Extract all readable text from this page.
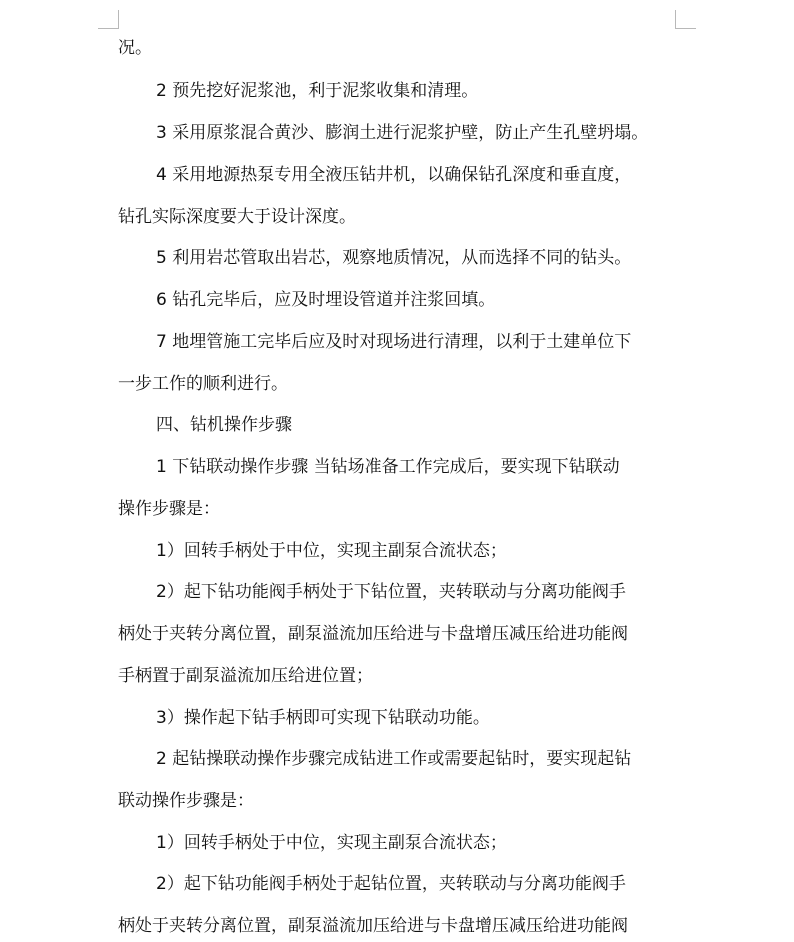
况。
2 预先挖好泥浆池，利于泥浆收集和清理。
3 采用原浆混合黄沙、膨润土进行泥浆护壁，防止产生孔壁坍塌。
4 采用地源热泵专用全液压钻井机，以确保钻孔深度和垂直度，
钻孔实际深度要大于设计深度。
5 利用岩芯管取出岩芯，观察地质情况，从而选择不同的钻头。
6 钻孔完毕后，应及时埋设管道并注浆回填。
7 地埋管施工完毕后应及时对现场进行清理，以利于土建单位下
一步工作的顺利进行。
四、钻机操作步骤
1 下钻联动操作步骤 当钻场准备工作完成后，要实现下钻联动
操作步骤是：
1）回转手柄处于中位，实现主副泵合流状态；
2）起下钻功能阀手柄处于下钻位置，夹转联动与分离功能阀手
柄处于夹转分离位置，副泵溢流加压给进与卡盘增压减压给进功能阀
手柄置于副泵溢流加压给进位置；
3）操作起下钻手柄即可实现下钻联动功能。
2 起钻操联动操作步骤完成钻进工作或需要起钻时，要实现起钻
联动操作步骤是：
1）回转手柄处于中位，实现主副泵合流状态；
2）起下钻功能阀手柄处于起钻位置，夹转联动与分离功能阀手
柄处于夹转分离位置，副泵溢流加压给进与卡盘增压减压给进功能阀
